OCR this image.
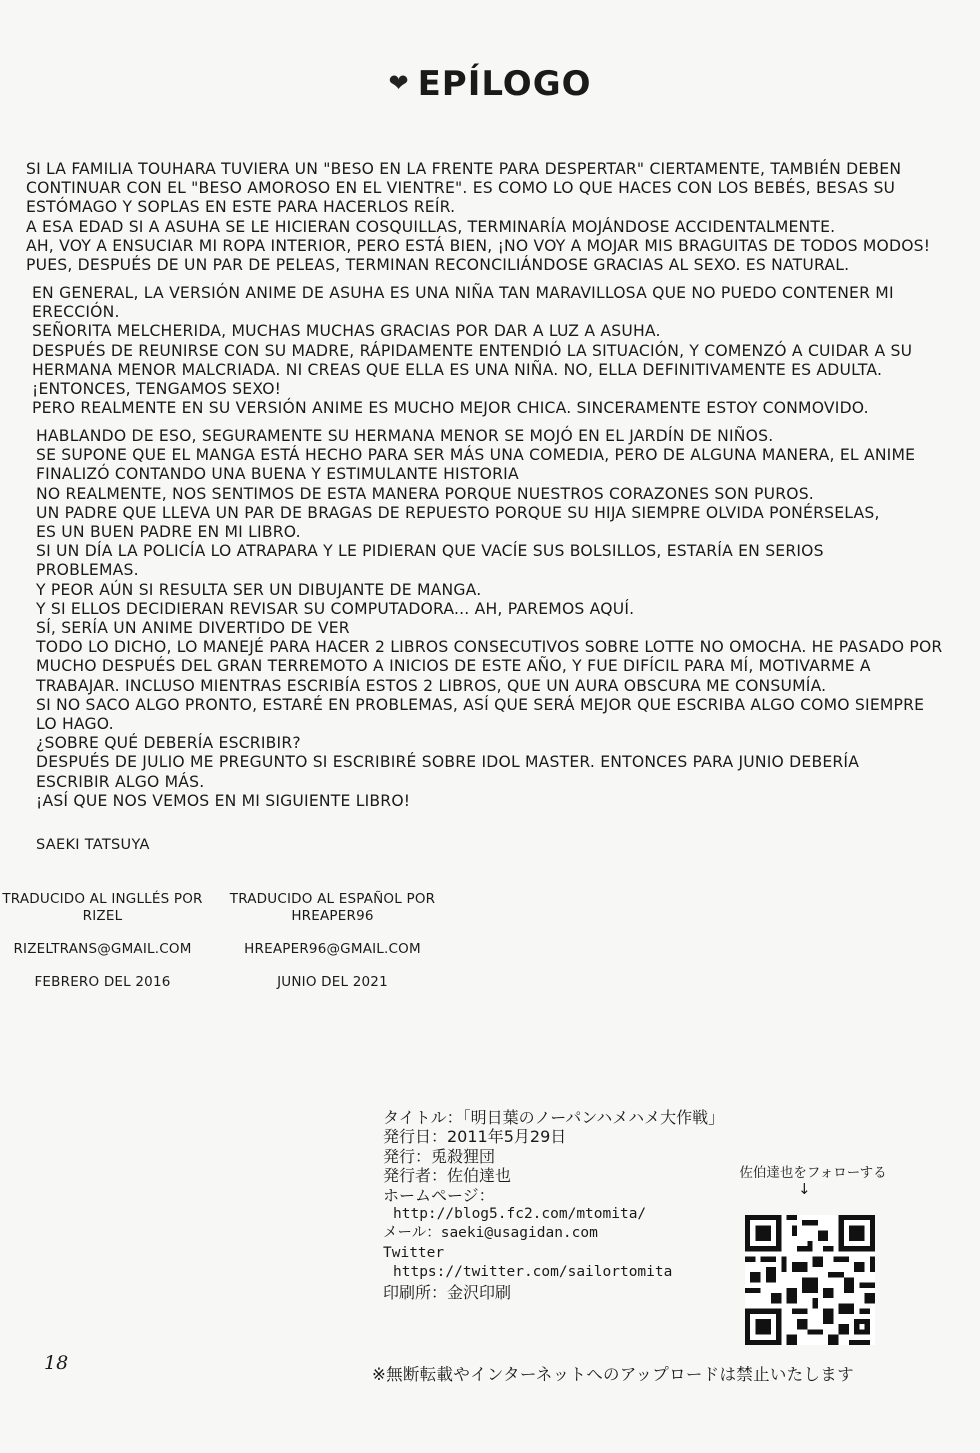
❤ EPÍLOGO

SI LA FAMILIA TOUHARA TUVIERA UN "BESO EN LA FRENTE PARA DESPERTAR" CIERTAMENTE, TAMBIÉN DEBEN

CONTINUAR CON EL "BESO AMOROSO EN EL VIENTRE". ES COMO LO QUE HACES CON LOS BEBÉS, BESAS SU

ESTÓMAGO Y SOPLAS EN ESTE PARA HACERLOS REÍR.

A ESA EDAD SI A ASUHA SE LE HICIERAN COSQUILLAS, TERMINARÍA MOJÁNDOSE ACCIDENTALMENTE.

AH, VOY A ENSUCIAR MI ROPA INTERIOR, PERO ESTÁ BIEN, ¡NO VOY A MOJAR MIS BRAGUITAS DE TODOS MODOS!

PUES, DESPUÉS DE UN PAR DE PELEAS, TERMINAN RECONCILIÁNDOSE GRACIAS AL SEXO. ES NATURAL.

EN GENERAL, LA VERSIÓN ANIME DE ASUHA ES UNA NIÑA TAN MARAVILLOSA QUE NO PUEDO CONTENER MI

ERECCIÓN.

SEÑORITA MELCHERIDA, MUCHAS MUCHAS GRACIAS POR DAR A LUZ A ASUHA.

DESPUÉS DE REUNIRSE CON SU MADRE, RÁPIDAMENTE ENTENDIÓ LA SITUACIÓN, Y COMENZÓ A CUIDAR A SU

HERMANA MENOR MALCRIADA. NI CREAS QUE ELLA ES UNA NIÑA. NO, ELLA DEFINITIVAMENTE ES ADULTA.

¡ENTONCES, TENGAMOS SEXO!

PERO REALMENTE EN SU VERSIÓN ANIME ES MUCHO MEJOR CHICA. SINCERAMENTE ESTOY CONMOVIDO.

HABLANDO DE ESO, SEGURAMENTE SU HERMANA MENOR SE MOJÓ EN EL JARDÍN DE NIÑOS.

SE SUPONE QUE EL MANGA ESTÁ HECHO PARA SER MÁS UNA COMEDIA, PERO DE ALGUNA MANERA, EL ANIME

FINALIZÓ CONTANDO UNA BUENA Y ESTIMULANTE HISTORIA

NO REALMENTE, NOS SENTIMOS DE ESTA MANERA PORQUE NUESTROS CORAZONES SON PUROS.

UN PADRE QUE LLEVA UN PAR DE BRAGAS DE REPUESTO PORQUE SU HIJA SIEMPRE OLVIDA PONÉRSELAS,

ES UN BUEN PADRE EN MI LIBRO.

SI UN DÍA LA POLICÍA LO ATRAPARA Y LE PIDIERAN QUE VACÍE SUS BOLSILLOS, ESTARÍA EN SERIOS

PROBLEMAS.

Y PEOR AÚN SI RESULTA SER UN DIBUJANTE DE MANGA.

Y SI ELLOS DECIDIERAN REVISAR SU COMPUTADORA... AH, PAREMOS AQUÍ.

SÍ, SERÍA UN ANIME DIVERTIDO DE VER

TODO LO DICHO, LO MANEJÉ PARA HACER 2 LIBROS CONSECUTIVOS SOBRE LOTTE NO OMOCHA. HE PASADO POR

MUCHO DESPUÉS DEL GRAN TERREMOTO A INICIOS DE ESTE AÑO, Y FUE DIFÍCIL PARA MÍ, MOTIVARME A

TRABAJAR. INCLUSO MIENTRAS ESCRIBÍA ESTOS 2 LIBROS, QUE UN AURA OBSCURA ME CONSUMÍA.

SI NO SACO ALGO PRONTO, ESTARÉ EN PROBLEMAS, ASÍ QUE SERÁ MEJOR QUE ESCRIBA ALGO COMO SIEMPRE

LO HAGO.

¿SOBRE QUÉ DEBERÍA ESCRIBIR?

DESPUÉS DE JULIO ME PREGUNTO SI ESCRIBIRÉ SOBRE IDOL MASTER. ENTONCES PARA JUNIO DEBERÍA

ESCRIBIR ALGO MÁS.

¡ASÍ QUE NOS VEMOS EN MI SIGUIENTE LIBRO!

SAEKI TATSUYA
TRADUCIDO AL INGLLÉS POR
RIZEL
RIZELTRANS@GMAIL.COM
FEBRERO DEL 2016
TRADUCIDO AL ESPAÑOL POR
HREAPER96
HREAPER96@GMAIL.COM
JUNIO DEL 2021
タイトル：「明日葉のノーパンハメハメ大作戦」
発行日：2011年5月29日
発行：兎殺狸団
発行者：佐伯達也
ホームページ：
http://blog5.fc2.com/mtomita/
メール：saeki@usagidan.com
Twitter
https://twitter.com/sailortomita
印刷所：金沢印刷
佐伯達也をフォローする
↓
18
※無断転載やインターネットへのアップロードは禁止いたします
